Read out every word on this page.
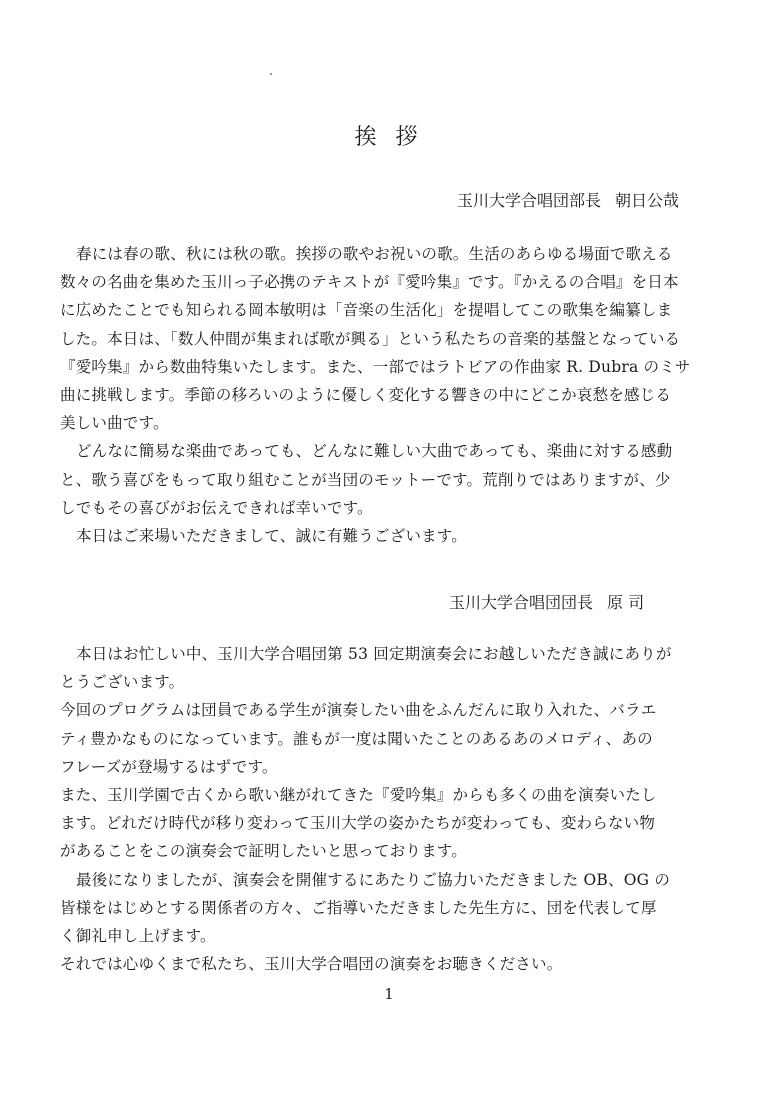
挨 拶
玉川大学合唱団部長 朝日公哉

春には春の歌、秋には秋の歌。挨拶の歌やお祝いの歌。生活のあらゆる場面で歌える
数々の名曲を集めた玉川っ子必携のテキストが『愛吟集』です。『かえるの合唱』を日本
に広めたことでも知られる岡本敏明は「音楽の生活化」を提唱してこの歌集を編纂しま
した。本日は、「数人仲間が集まれば歌が興る」という私たちの音楽的基盤となっている
『愛吟集』から数曲特集いたします。また、一部ではラトビアの作曲家 R. Dubra のミサ
曲に挑戦します。季節の移ろいのように優しく変化する響きの中にどこか哀愁を感じる
美しい曲です。

どんなに簡易な楽曲であっても、どんなに難しい大曲であっても、楽曲に対する感動
と、歌う喜びをもって取り組むことが当団のモットーです。荒削りではありますが、少
しでもその喜びがお伝えできれば幸いです。

本日はご来場いただきまして、誠に有難うございます。

玉川大学合唱団団長 原 司

本日はお忙しい中、玉川大学合唱団第 53 回定期演奏会にお越しいただき誠にありが
とうございます。

今回のプログラムは団員である学生が演奏したい曲をふんだんに取り入れた、バラエ
ティ豊かなものになっています。誰もが一度は聞いたことのあるあのメロディ、あの
フレーズが登場するはずです。

また、玉川学園で古くから歌い継がれてきた『愛吟集』からも多くの曲を演奏いたし
ます。どれだけ時代が移り変わって玉川大学の姿かたちが変わっても、変わらない物
があることをこの演奏会で証明したいと思っております。

最後になりましたが、演奏会を開催するにあたりご協力いただきました OB、OG の
皆様をはじめとする関係者の方々、ご指導いただきました先生方に、団を代表して厚
く御礼申し上げます。

それでは心ゆくまで私たち、玉川大学合唱団の演奏をお聴きください。

1
